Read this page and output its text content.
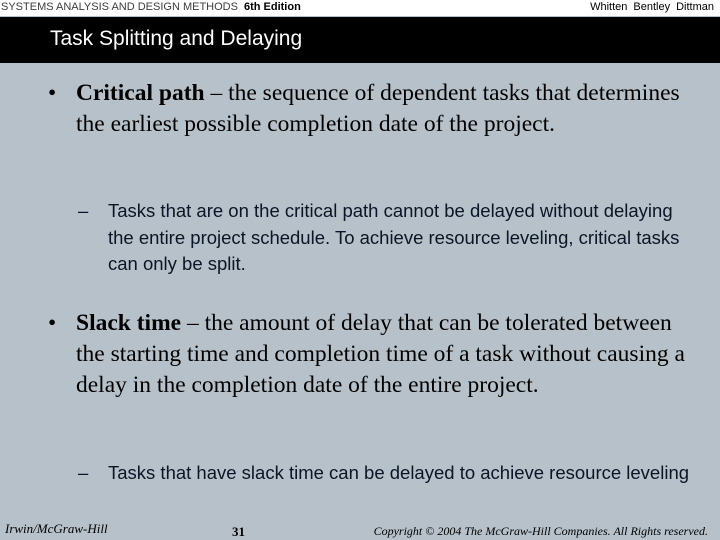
SYSTEMS ANALYSIS AND DESIGN METHODS 6th Edition	Whitten Bentley Dittman
Task Splitting and Delaying
• Critical path – the sequence of dependent tasks that determines the earliest possible completion date of the project.
– Tasks that are on the critical path cannot be delayed without delaying the entire project schedule. To achieve resource leveling, critical tasks can only be split.
• Slack time – the amount of delay that can be tolerated between the starting time and completion time of a task without causing a delay in the completion date of the entire project.
– Tasks that have slack time can be delayed to achieve resource leveling
Irwin/McGraw-Hill	31	Copyright © 2004 The McGraw-Hill Companies. All Rights reserved.
